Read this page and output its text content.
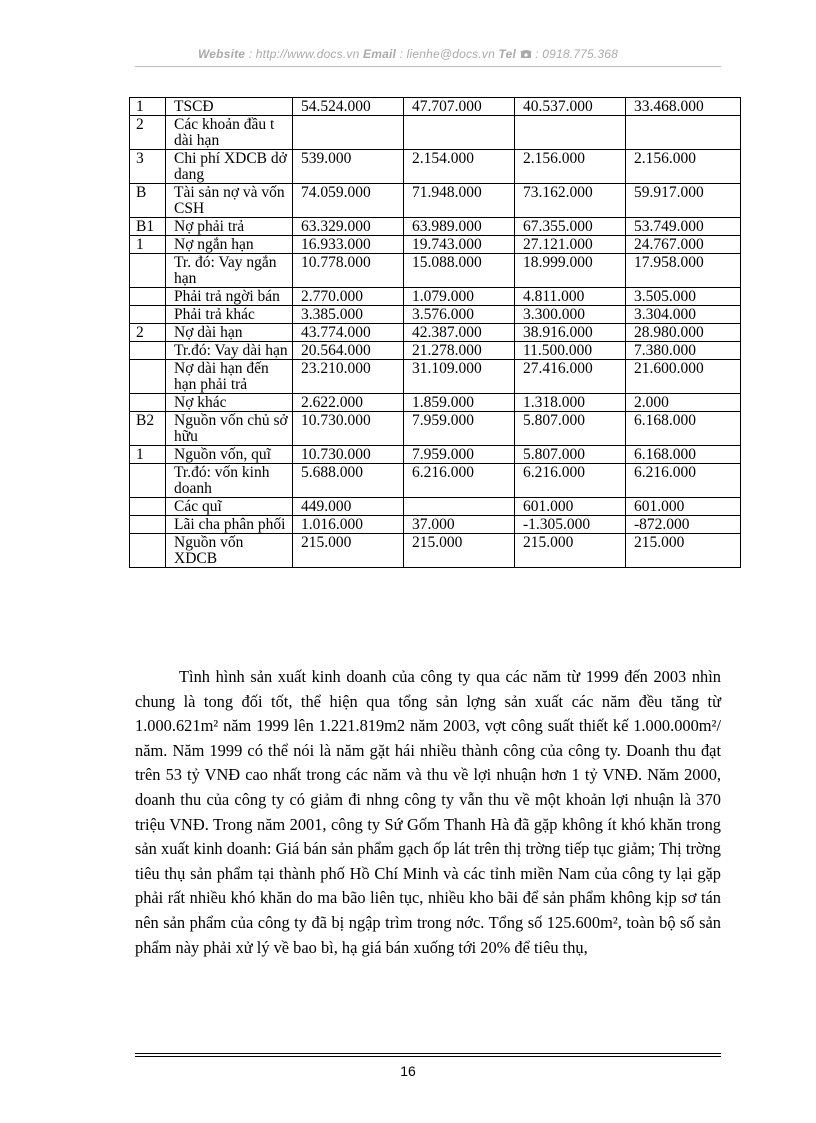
Website : http://www.docs.vn Email : lienhe@docs.vn Tel : 0918.775.368
1	TSCĐ	54.524.000	47.707.000	40.537.000	33.468.000
2	Các khoản đầu t dài hạn				
3	Chi phí XDCB dở dang	539.000	2.154.000	2.156.000	2.156.000
B	Tài sản nợ và vốn CSH	74.059.000	71.948.000	73.162.000	59.917.000
B1	Nợ phải trả	63.329.000	63.989.000	67.355.000	53.749.000
1	Nợ ngắn hạn	16.933.000	19.743.000	27.121.000	24.767.000
	Tr. đó: Vay ngắn hạn	10.778.000	15.088.000	18.999.000	17.958.000
	Phải trả ngời bán	2.770.000	1.079.000	4.811.000	3.505.000
	Phải trả khác	3.385.000	3.576.000	3.300.000	3.304.000
2	Nợ dài hạn	43.774.000	42.387.000	38.916.000	28.980.000
	Tr.đó: Vay dài hạn	20.564.000	21.278.000	11.500.000	7.380.000
	Nợ dài hạn đến hạn phải trả	23.210.000	31.109.000	27.416.000	21.600.000
	Nợ khác	2.622.000	1.859.000	1.318.000	2.000
B2	Nguồn vốn chủ sở hữu	10.730.000	7.959.000	5.807.000	6.168.000
1	Nguồn vốn, quĩ	10.730.000	7.959.000	5.807.000	6.168.000
	Tr.đó: vốn kinh doanh	5.688.000	6.216.000	6.216.000	6.216.000
	Các quĩ	449.000		601.000	601.000
	Lãi cha phân phối	1.016.000	37.000	-1.305.000	-872.000
	Nguồn vốn XDCB	215.000	215.000	215.000	215.000

Tình hình sản xuất kinh doanh của công ty qua các năm từ 1999 đến 2003 nhìn chung là tong đối tốt, thể hiện qua tổng sản lợng sản xuất các năm đều tăng từ 1.000.621m² năm 1999 lên 1.221.819m2 năm 2003, vợt công suất thiết kế 1.000.000m²/ năm. Năm 1999 có thể nói là năm gặt hái nhiều thành công của công ty. Doanh thu đạt trên 53 tỷ VNĐ cao nhất trong các năm và thu về lợi nhuận hơn 1 tỷ VNĐ. Năm 2000, doanh thu của công ty có giảm đi nhng công ty vẫn thu về một khoản lợi nhuận là 370 triệu VNĐ. Trong năm 2001, công ty Sứ Gốm Thanh Hà đã gặp không ít khó khăn trong sản xuất kinh doanh: Giá bán sản phẩm gạch ốp lát trên thị trờng tiếp tục giảm; Thị trờng tiêu thụ sản phẩm tại thành phố Hồ Chí Minh và các tỉnh miền Nam của công ty lại gặp phải rất nhiều khó khăn do ma bão liên tục, nhiều kho bãi để sản phẩm không kịp sơ tán nên sản phẩm của công ty đã bị ngập trìm trong nớc. Tổng số 125.600m², toàn bộ số sản phẩm này phải xử lý về bao bì, hạ giá bán xuống tới 20% để tiêu thụ,

16
